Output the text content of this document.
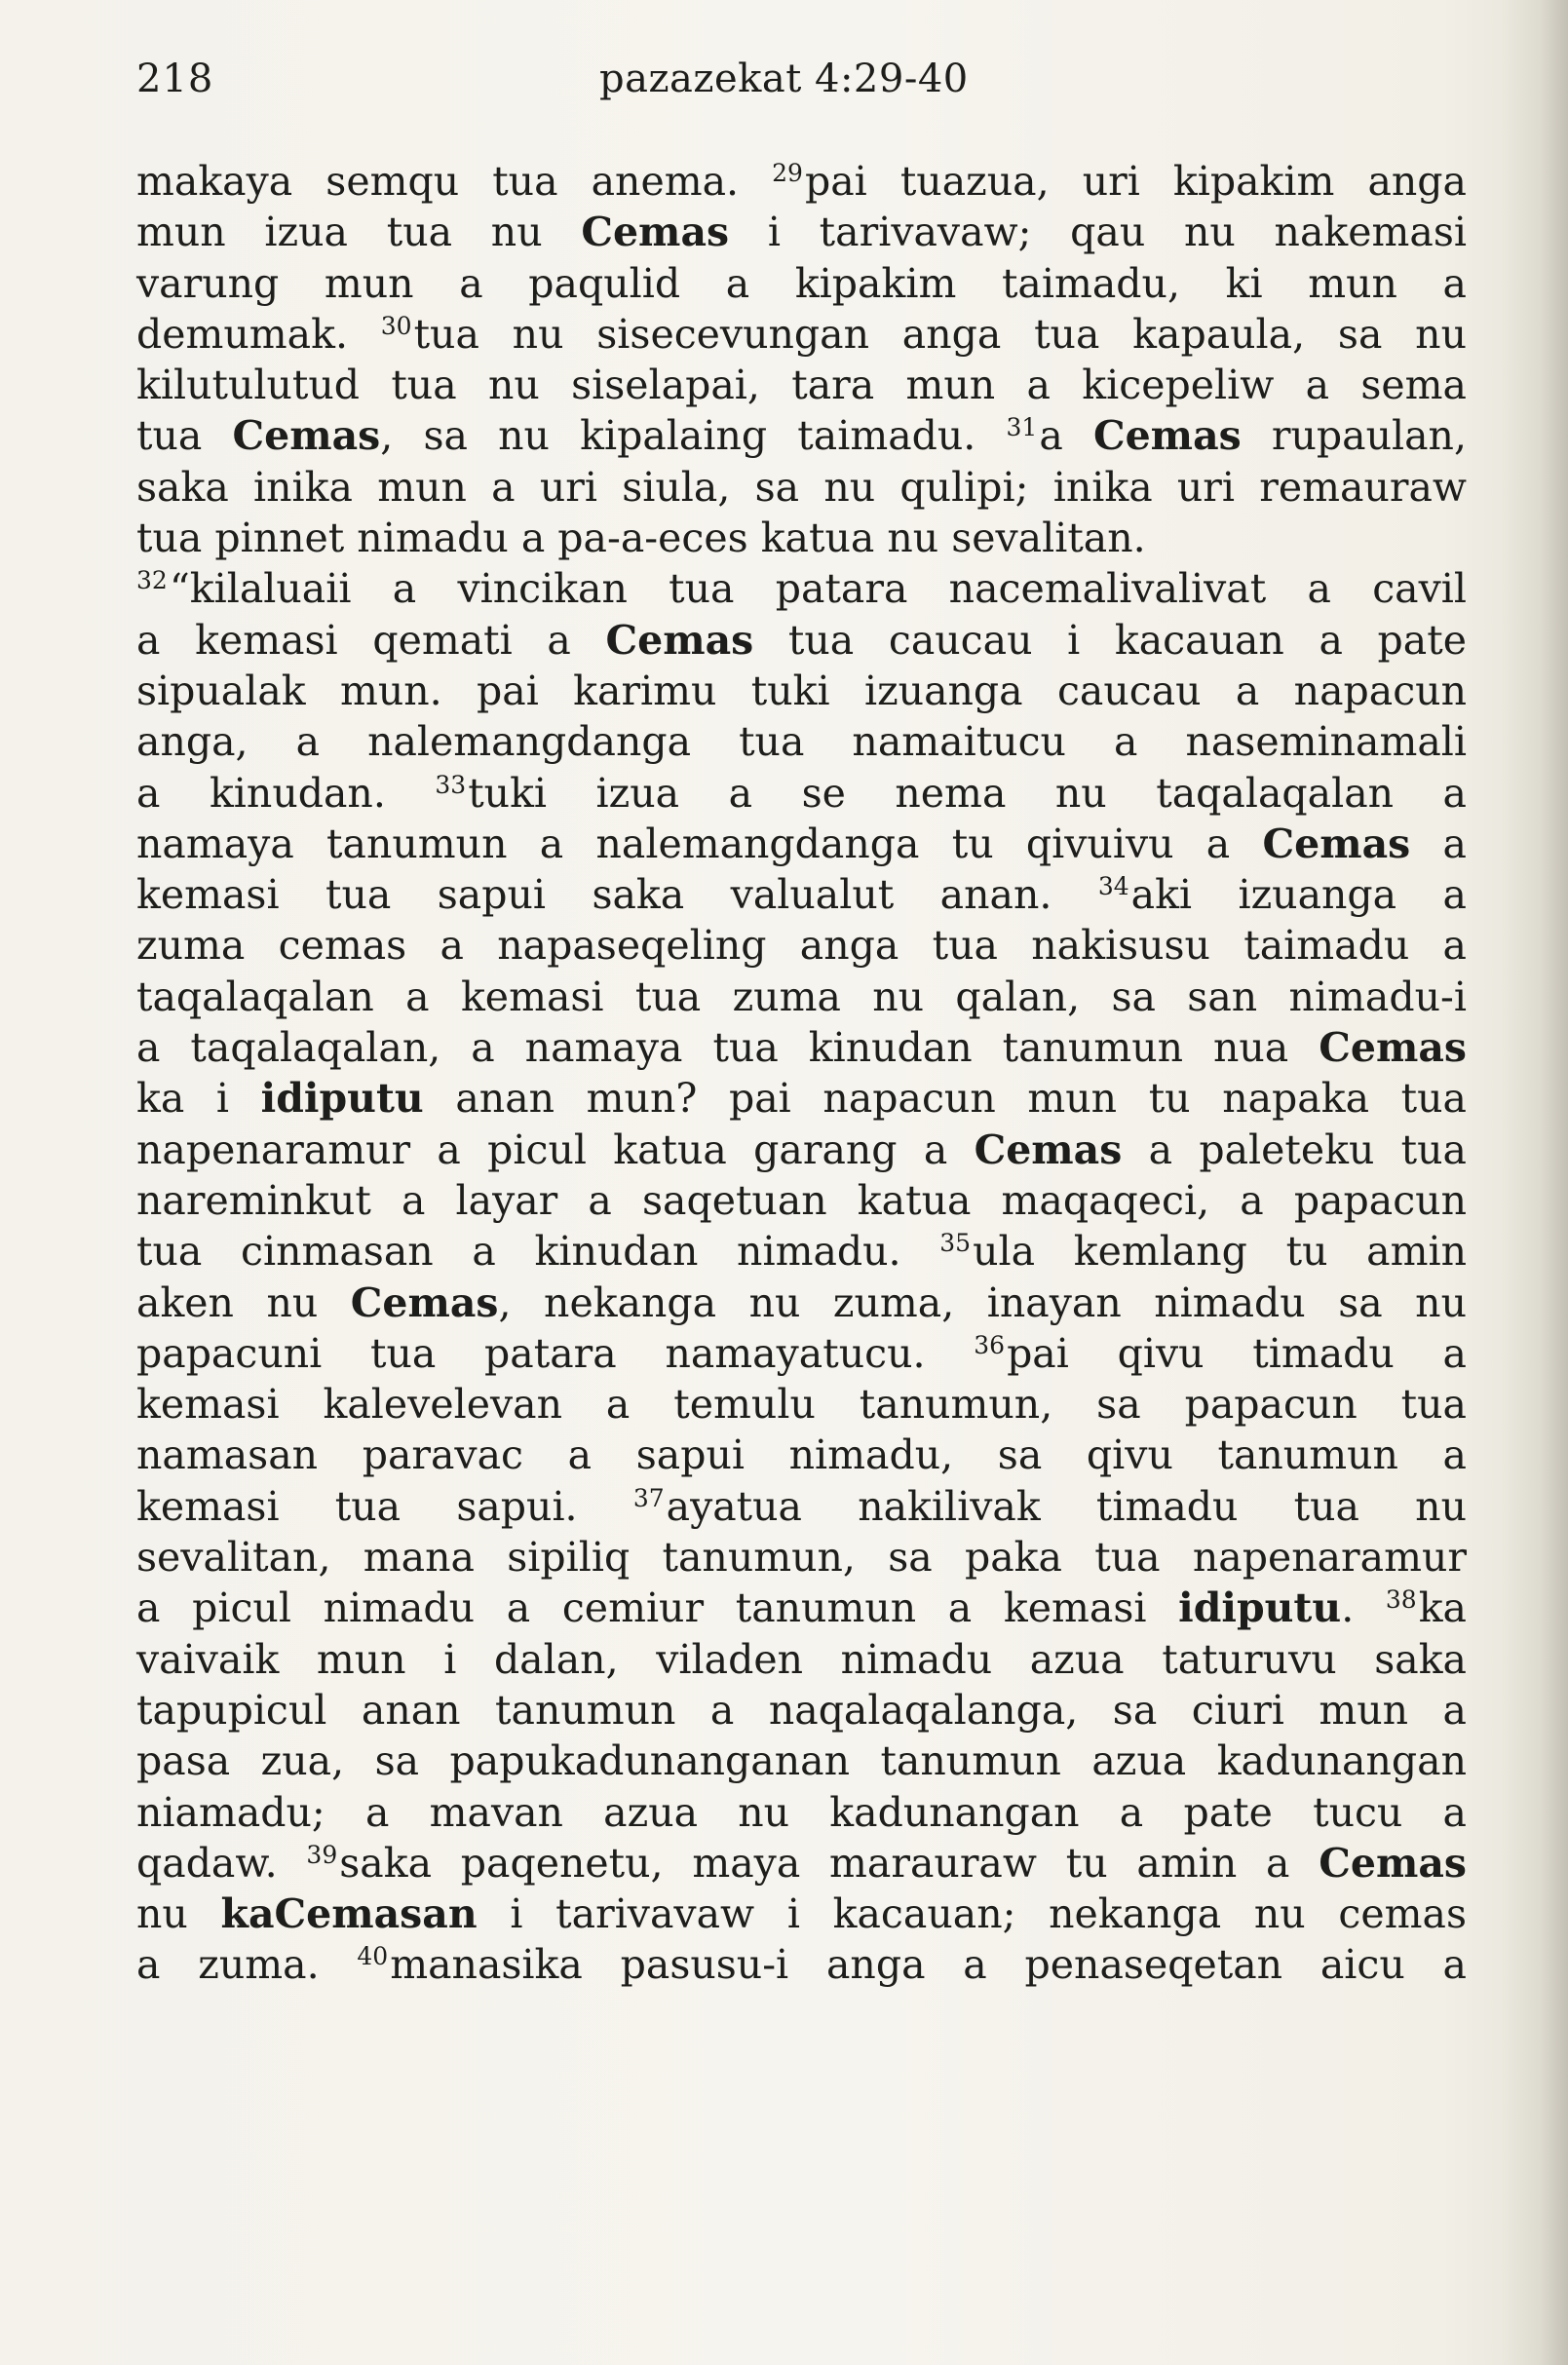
218	pazazekat 4:29-40
makaya semqu tua anema. $^{29}$pai tuazua, uri kipakim anga
mun izua tua nu Cemas i tarivavaw; qau nu nakemasi
varung mun a paqulid a kipakim taimadu, ki mun a
demumak. $^{30}$tua nu sisecevungan anga tua kapaula, sa nu
kilutulutud tua nu siselapai, tara mun a kicepeliw a sema
tua Cemas, sa nu kipalaing taimadu. $^{31}$a Cemas rupaulan,
saka inika mun a uri siula, sa nu qulipi; inika uri remauraw
tua pinnet nimadu a pa-a-eces katua nu sevalitan.
$^{32}$“kilaluaii a vincikan tua patara nacemalivalivat a cavil
a kemasi qemati a Cemas tua caucau i kacauan a pate
sipualak mun. pai karimu tuki izuanga caucau a napacun
anga, a nalemangdanga tua namaitucu a naseminamali
a kinudan. $^{33}$tuki izua a se nema nu taqalaqalan a
namaya tanumun a nalemangdanga tu qivuivu a Cemas a
kemasi tua sapui saka valualut anan. $^{34}$aki izuanga a
zuma cemas a napaseqeling anga tua nakisusu taimadu a
taqalaqalan a kemasi tua zuma nu qalan, sa san nimadu-i
a taqalaqalan, a namaya tua kinudan tanumun nua Cemas
ka i idiputu anan mun? pai napacun mun tu napaka tua
napenaramur a picul katua garang a Cemas a paleteku tua
nareminkut a layar a saqetuan katua maqaqeci, a papacun
tua cinmasan a kinudan nimadu. $^{35}$ula kemlang tu amin
aken nu Cemas, nekanga nu zuma, inayan nimadu sa nu
papacuni tua patara namayatucu. $^{36}$pai qivu timadu a
kemasi kalevelevan a temulu tanumun, sa papacun tua
namasan paravac a sapui nimadu, sa qivu tanumun a
kemasi tua sapui. $^{37}$ayatua nakilivak timadu tua nu
sevalitan, mana sipiliq tanumun, sa paka tua napenaramur
a picul nimadu a cemiur tanumun a kemasi idiputu. $^{38}$ka
vaivaik mun i dalan, viladen nimadu azua taturuvu saka
tapupicul anan tanumun a naqalaqalanga, sa ciuri mun a
pasa zua, sa papukadunanganan tanumun azua kadunangan
niamadu; a mavan azua nu kadunangan a pate tucu a
qadaw. $^{39}$saka paqenetu, maya marauraw tu amin a Cemas
nu kaCemasan i tarivavaw i kacauan; nekanga nu cemas
a zuma. $^{40}$manasika pasusu-i anga a penaseqetan aicu a
